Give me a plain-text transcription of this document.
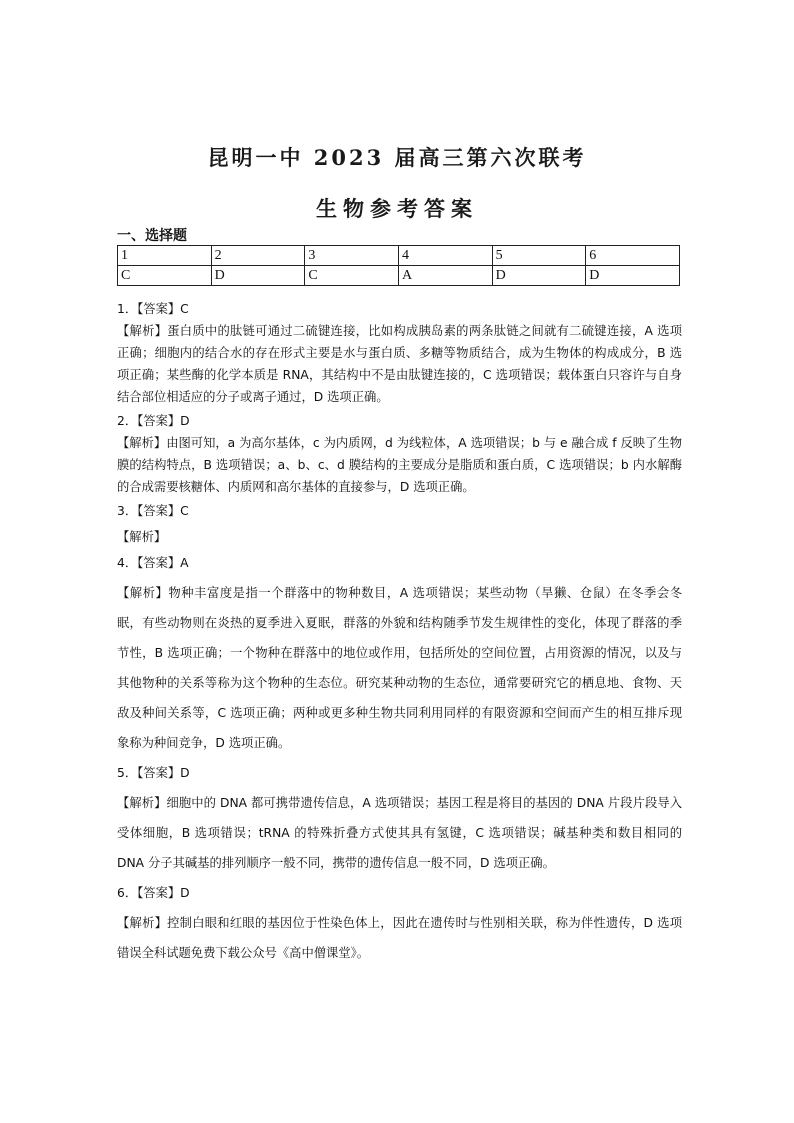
昆明一中 2023 届高三第六次联考
生物参考答案
一、选择题
1	2	3	4	5	6
C	D	C	A	D	D

1．【答案】C

【解析】蛋白质中的肽链可通过二硫键连接，比如构成胰岛素的两条肽链之间就有二硫键连接，A 选项正确；细胞内的结合水的存在形式主要是水与蛋白质、多糖等物质结合，成为生物体的构成成分，B 选项正确；某些酶的化学本质是 RNA，其结构中不是由肽键连接的，C 选项错误；载体蛋白只容许与自身结合部位相适应的分子或离子通过，D 选项正确。

2．【答案】D

【解析】由图可知，a 为高尔基体，c 为内质网，d 为线粒体，A 选项错误；b 与 e 融合成 f 反映了生物膜的结构特点，B 选项错误；a、b、c、d 膜结构的主要成分是脂质和蛋白质，C 选项错误；b 内水解酶的合成需要核糖体、内质网和高尔基体的直接参与，D 选项正确。

3．【答案】C

【解析】

4．【答案】A

【解析】物种丰富度是指一个群落中的物种数目，A 选项错误；某些动物（旱獭、仓鼠）在冬季会冬眠，有些动物则在炎热的夏季进入夏眠，群落的外貌和结构随季节发生规律性的变化，体现了群落的季节性，B 选项正确；一个物种在群落中的地位或作用，包括所处的空间位置，占用资源的情况，以及与其他物种的关系等称为这个物种的生态位。研究某种动物的生态位，通常要研究它的栖息地、食物、天敌及种间关系等，C 选项正确；两种或更多种生物共同利用同样的有限资源和空间而产生的相互排斥现象称为种间竞争，D 选项正确。

5．【答案】D

【解析】细胞中的 DNA 都可携带遗传信息，A 选项错误；基因工程是将目的基因的 DNA 片段片段导入受体细胞，B 选项错误；tRNA 的特殊折叠方式使其具有氢键，C 选项错误；碱基种类和数目相同的 DNA 分子其碱基的排列顺序一般不同，携带的遗传信息一般不同，D 选项正确。

6．【答案】D

【解析】控制白眼和红眼的基因位于性染色体上，因此在遗传时与性别相关联，称为伴性遗传，D 选项错误全科试题免费下载公众号《高中僧课堂》。
